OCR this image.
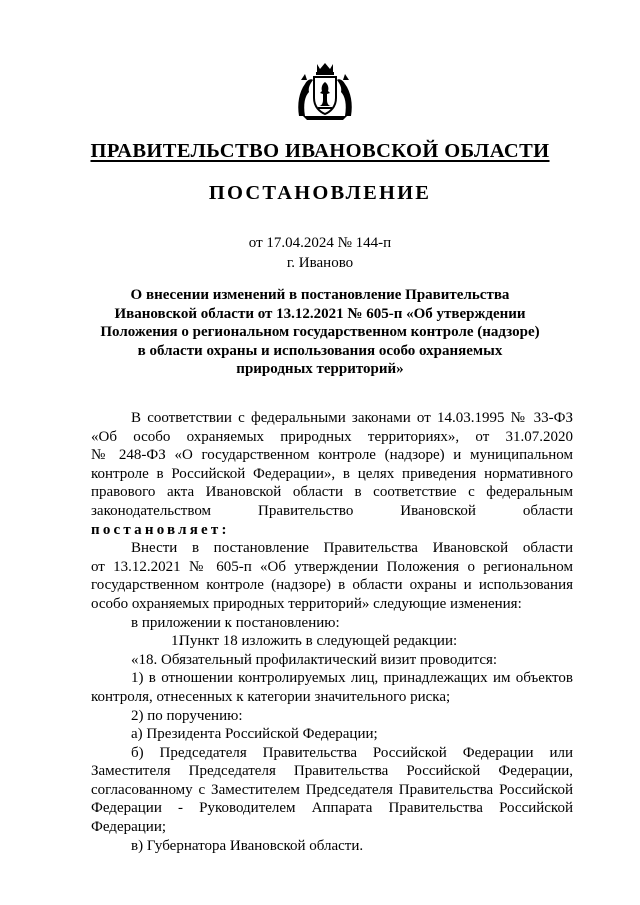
ПРАВИТЕЛЬСТВО ИВАНОВСКОЙ ОБЛАСТИ
ПОСТАНОВЛЕНИЕ
от 17.04.2024 № 144-п
г. Иваново
О внесении изменений в постановление Правительства
Ивановской области от 13.12.2021 № 605-п «Об утверждении
Положения о региональном государственном контроле (надзоре)
в области охраны и использования особо охраняемых
природных территорий»

В соответствии с федеральными законами от 14.03.1995 № 33-ФЗ

«Об особо охраняемых природных территориях», от 31.07.2020

№ 248-ФЗ «О государственном контроле (надзоре) и муниципальном

контроле в Российской Федерации», в целях приведения нормативного

правового акта Ивановской области в соответствие с федеральным

законодательством Правительство Ивановской области

постановляет:

Внести в постановление Правительства Ивановской области

от 13.12.2021 № 605-п «Об утверждении Положения о региональном

государственном контроле (надзоре) в области охраны и использования

особо охраняемых природных территорий» следующие изменения:

в приложении к постановлению:

1.Пункт 18 изложить в следующей редакции:

«18. Обязательный профилактический визит проводится:

1) в отношении контролируемых лиц, принадлежащих им объектов

контроля, отнесенных к категории значительного риска;

2) по поручению:

а) Президента Российской Федерации;

б) Председателя Правительства Российской Федерации или

Заместителя Председателя Правительства Российской Федерации,

согласованному с Заместителем Председателя Правительства Российской

Федерации - Руководителем Аппарата Правительства Российской

Федерации;

в) Губернатора Ивановской области.
